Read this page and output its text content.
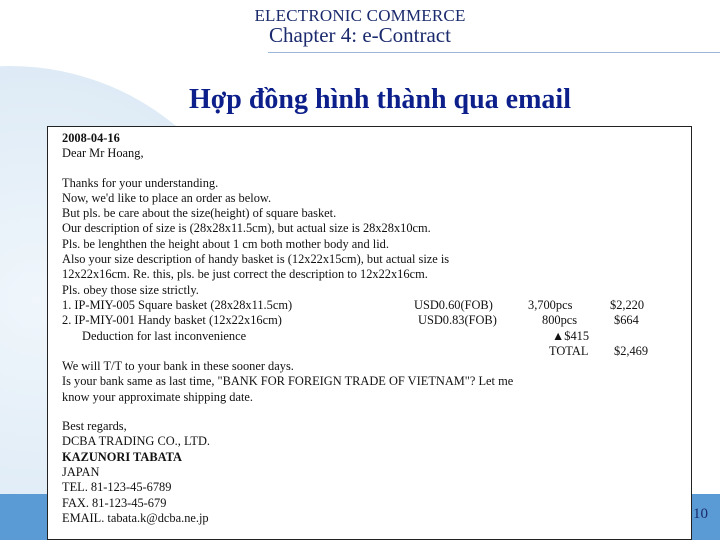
ELECTRONIC COMMERCE
Chapter 4: e-Contract
Hợp đồng hình thành qua email
2008-04-16
Dear Mr Hoang,
Thanks for your understanding.
Now, we'd like to place an order as below.
But pls. be care about the size(height) of square basket.
Our description of size is (28x28x11.5cm), but actual size is 28x28x10cm.
Pls. be lenghthen the height about 1 cm both mother body and lid.
Also your size description of handy basket is (12x22x15cm), but actual size is
12x22x16cm. Re. this, pls. be just correct the description to 12x22x16cm.
Pls. obey those size strictly.
1. IP-MIY-005 Square basket (28x28x11.5cm)	USD0.60(FOB)	3,700pcs	$2,220
2. IP-MIY-001 Handy basket (12x22x16cm)	USD0.83(FOB)	800pcs	$664
Deduction for last inconvenience	▲$415
TOTAL $2,469
We will T/T to your bank in these sooner days.
Is your bank same as last time, "BANK FOR FOREIGN TRADE OF VIETNAM"? Let me
know your approximate shipping date.
Best regards,
DCBA TRADING CO., LTD.
KAZUNORI TABATA
JAPAN
TEL. 81-123-45-6789
FAX. 81-123-45-679
EMAIL. tabata.k@dcba.ne.jp	10
